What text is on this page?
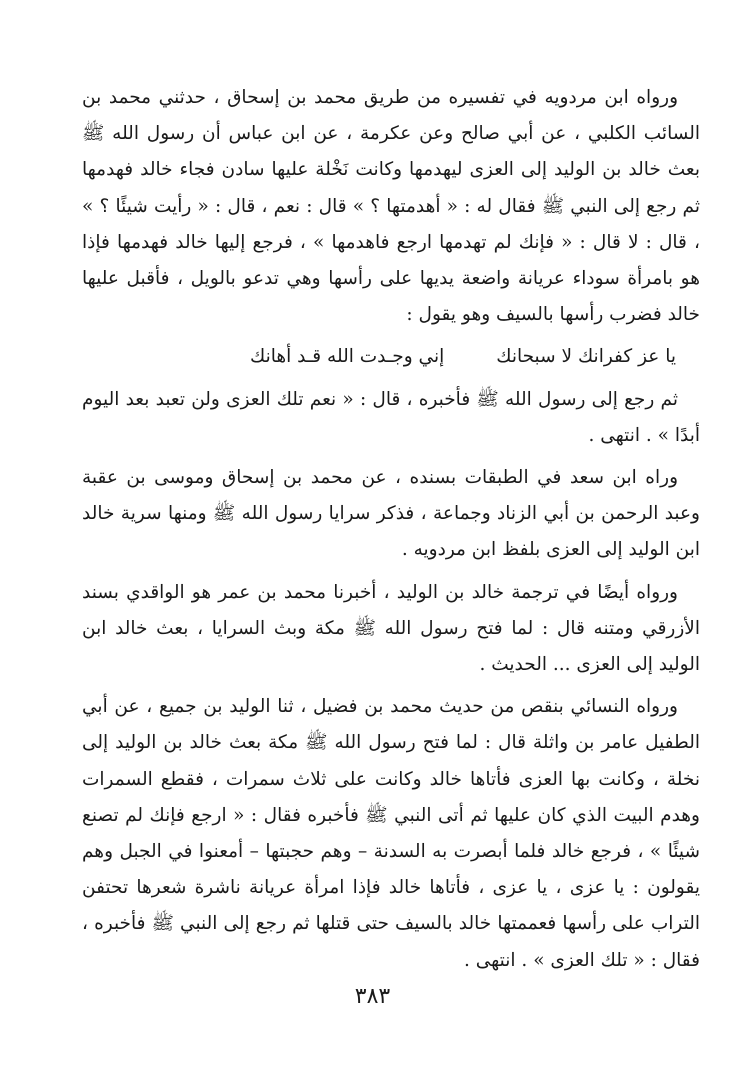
ورواه ابن مردويه في تفسيره من طريق محمد بن إسحاق ، حدثني محمد بن السائب الكلبي ، عن أبي صالح وعن عكرمة ، عن ابن عباس أن رسول الله ﷺ بعث خالد بن الوليد إلى العزى ليهدمها وكانت نَخْلة عليها سادن فجاء خالد فهدمها ثم رجع إلى النبي ﷺ فقال له : « أهدمتها ؟ » قال : نعم ، قال : « رأيت شيئًا ؟ » ، قال : لا قال : « فإنك لم تهدمها ارجع فاهدمها » ، فرجع إليها خالد فهدمها فإذا هو بامرأة سوداء عريانة واضعة يديها على رأسها وهي تدعو بالويل ، فأقبل عليها خالد فضرب رأسها بالسيف وهو يقول :

يا عز كفرانك لا سبحانك
إني وجـدت الله قـد أهانك

ثم رجع إلى رسول الله ﷺ فأخبره ، قال : « نعم تلك العزى ولن تعبد بعد اليوم أبدًا » . انتهى .

وراه ابن سعد في الطبقات بسنده ، عن محمد بن إسحاق وموسى بن عقبة وعبد الرحمن بن أبي الزناد وجماعة ، فذكر سرايا رسول الله ﷺ ومنها سرية خالد ابن الوليد إلى العزى بلفظ ابن مردويه .

ورواه أيضًا في ترجمة خالد بن الوليد ، أخبرنا محمد بن عمر هو الواقدي بسند الأزرقي ومتنه قال : لما فتح رسول الله ﷺ مكة وبث السرايا ، بعث خالد ابن الوليد إلى العزى ... الحديث .

ورواه النسائي بنقص من حديث محمد بن فضيل ، ثنا الوليد بن جميع ، عن أبي الطفيل عامر بن واثلة قال : لما فتح رسول الله ﷺ مكة بعث خالد بن الوليد إلى نخلة ، وكانت بها العزى فأتاها خالد وكانت على ثلاث سمرات ، فقطع السمرات وهدم البيت الذي كان عليها ثم أتى النبي ﷺ فأخبره فقال : « ارجع فإنك لم تصنع شيئًا » ، فرجع خالد فلما أبصرت به السدنة – وهم حجبتها – أمعنوا في الجبل وهم يقولون : يا عزى ، يا عزى ، فأتاها خالد فإذا امرأة عريانة ناشرة شعرها تحتفن التراب على رأسها فعممتها خالد بالسيف حتى قتلها ثم رجع إلى النبي ﷺ فأخبره ، فقال : « تلك العزى » . انتهى .

٣٨٣
